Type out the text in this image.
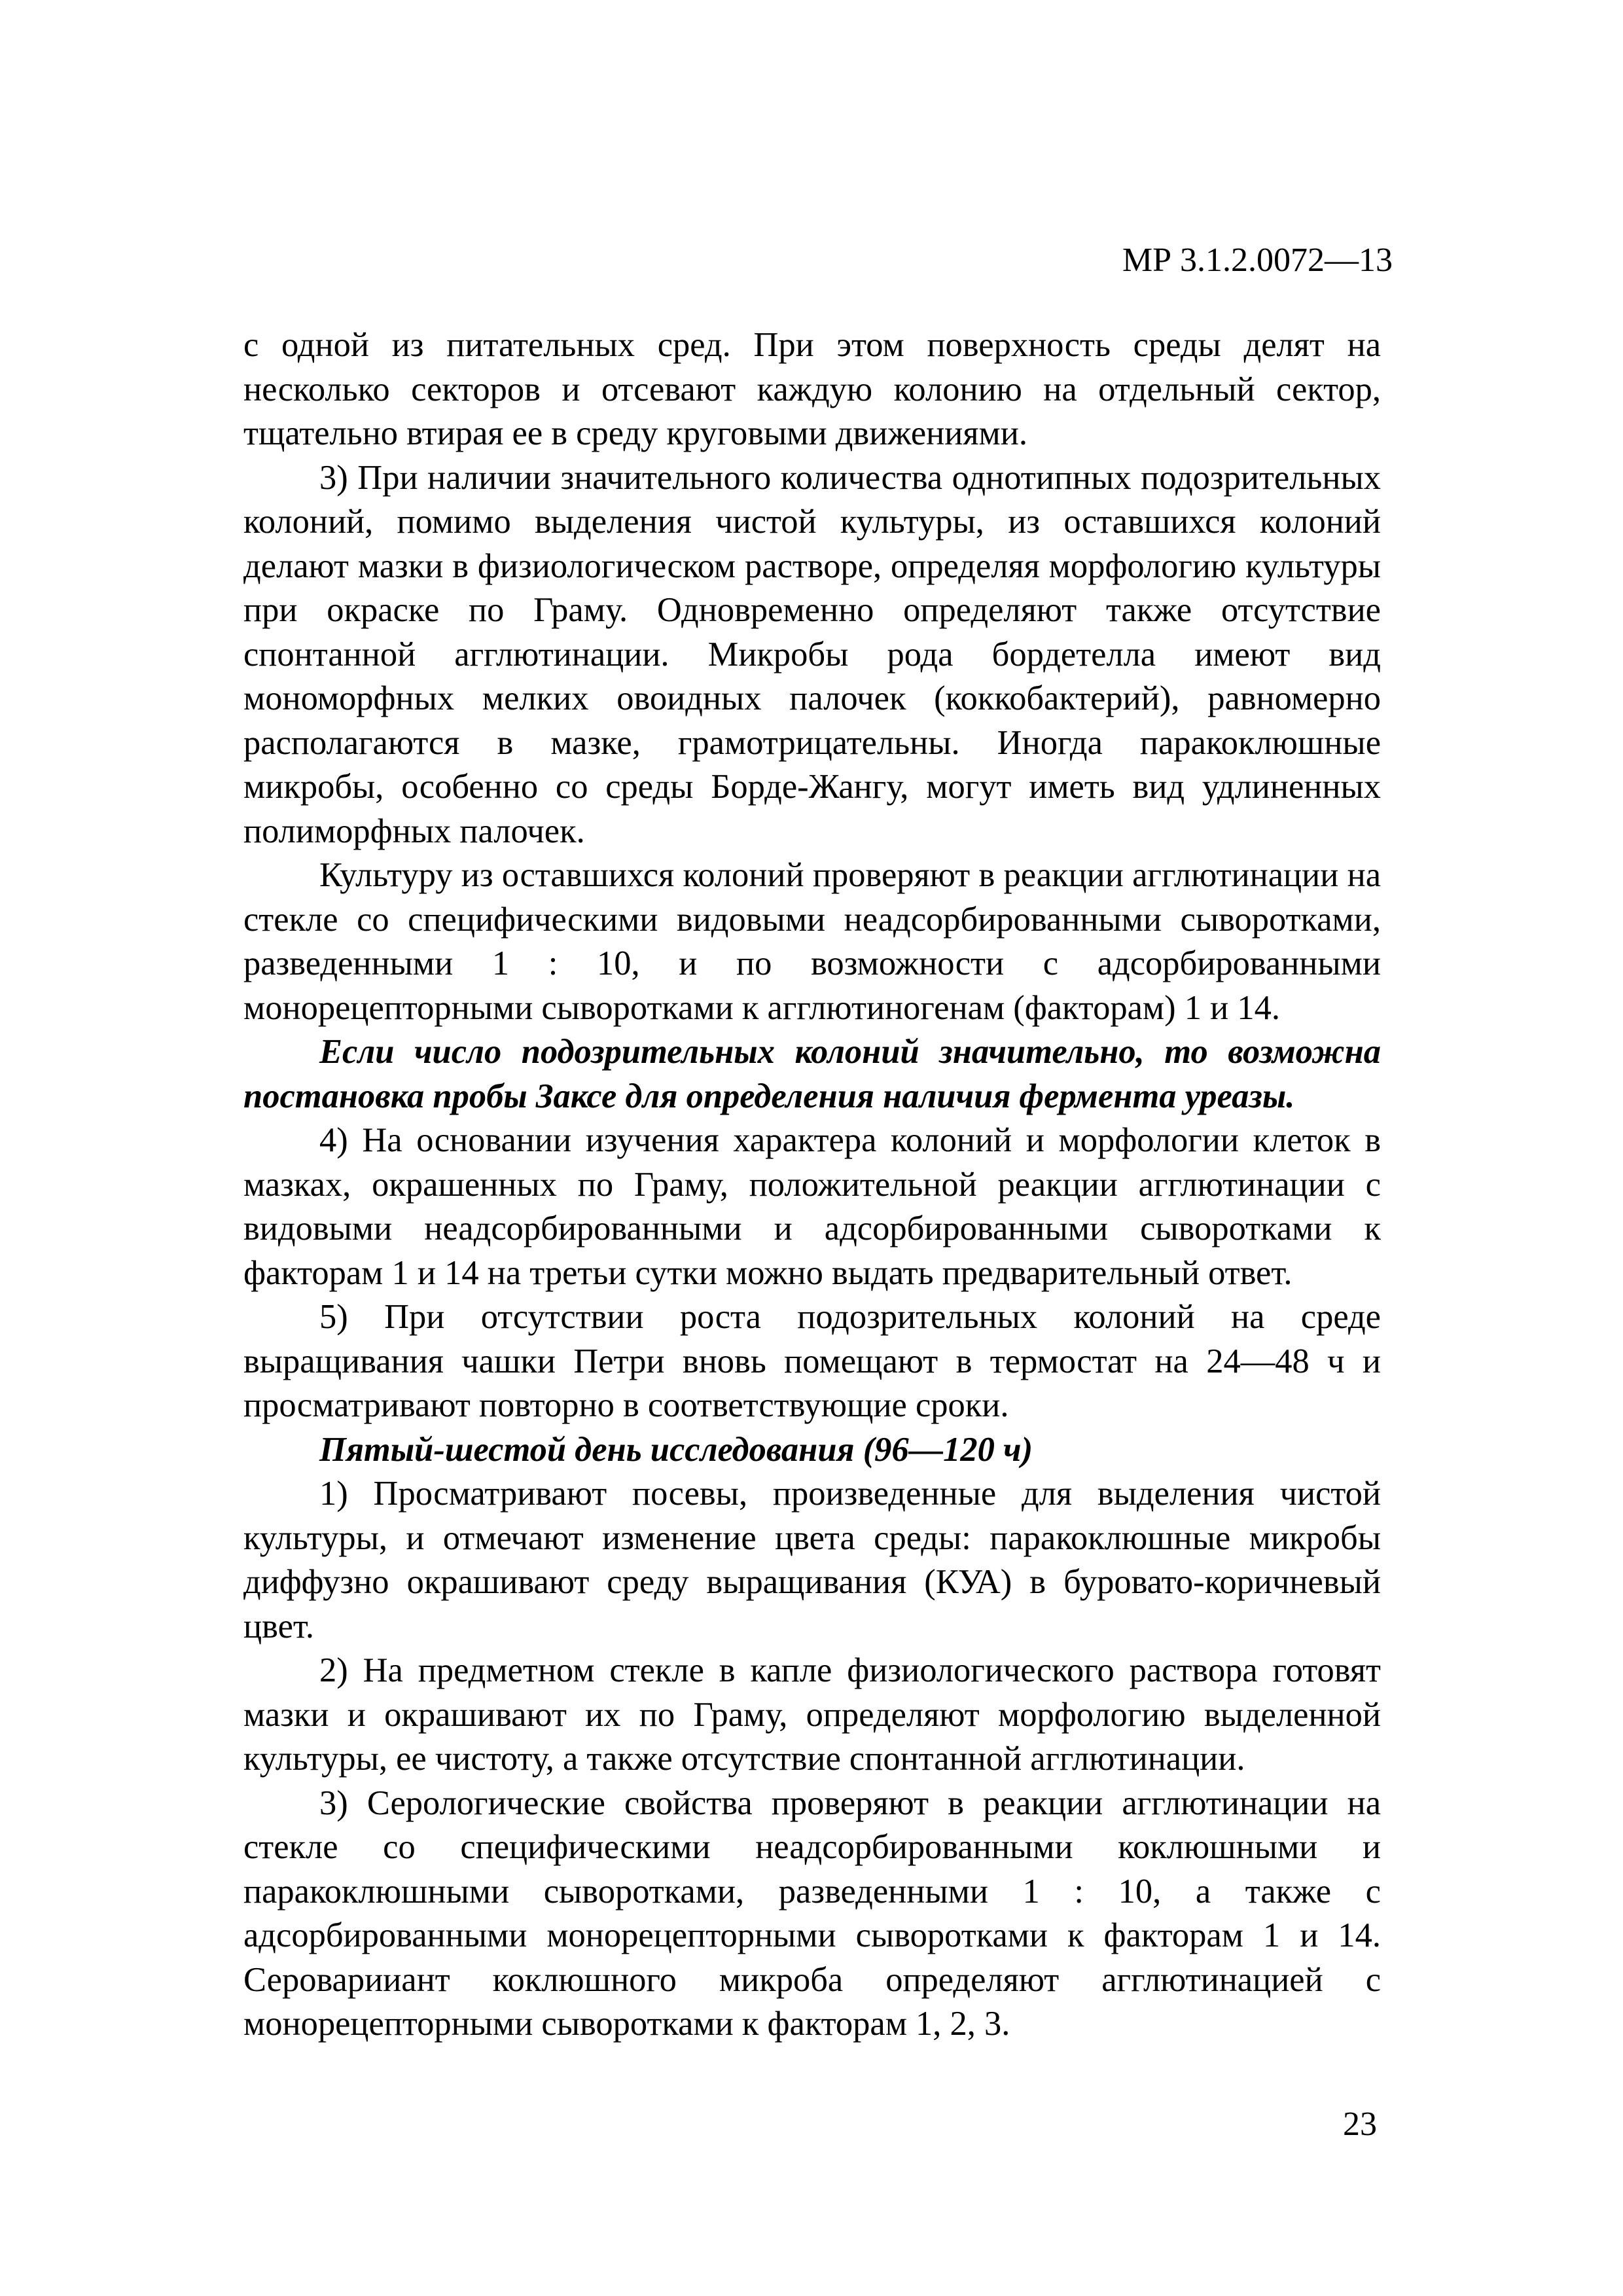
МР 3.1.2.0072—13

с одной из питательных сред. При этом поверхность среды делят на несколько секторов и отсевают каждую колонию на отдельный сектор, тщательно втирая ее в среду круговыми движениями.

3) При наличии значительного количества однотипных подозрительных колоний, помимо выделения чистой культуры, из оставшихся колоний делают мазки в физиологическом растворе, определяя морфологию культуры при окраске по Граму. Одновременно определяют также отсутствие спонтанной агглютинации. Микробы рода бордетелла имеют вид мономорфных мелких овоидных палочек (коккобактерий), равномерно располагаются в мазке, грамотрицательны. Иногда паракоклюшные микробы, особенно со среды Борде-Жангу, могут иметь вид удлиненных полиморфных палочек.

Культуру из оставшихся колоний проверяют в реакции агглютинации на стекле со специфическими видовыми неадсорбированными сыворотками, разведенными 1 : 10, и по возможности с адсорбированными монорецепторными сыворотками к агглютиногенам (факторам) 1 и 14.

Если число подозрительных колоний значительно, то возможна постановка пробы Заксе для определения наличия фермента уреазы.

4) На основании изучения характера колоний и морфологии клеток в мазках, окрашенных по Граму, положительной реакции агглютинации с видовыми неадсорбированными и адсорбированными сыворотками к факторам 1 и 14 на третьи сутки можно выдать предварительный ответ.

5) При отсутствии роста подозрительных колоний на среде выращивания чашки Петри вновь помещают в термостат на 24—48 ч и просматривают повторно в соответствующие сроки.

Пятый-шестой день исследования (96—120 ч)

1) Просматривают посевы, произведенные для выделения чистой культуры, и отмечают изменение цвета среды: паракоклюшные микробы диффузно окрашивают среду выращивания (КУА) в буровато-коричневый цвет.

2) На предметном стекле в капле физиологического раствора готовят мазки и окрашивают их по Граму, определяют морфологию выделенной культуры, ее чистоту, а также отсутствие спонтанной агглютинации.

3) Серологические свойства проверяют в реакции агглютинации на стекле со специфическими неадсорбированными коклюшными и паракоклюшными сыворотками, разведенными 1 : 10, а также с адсорбированными монорецепторными сыворотками к факторам 1 и 14. Сероварииант коклюшного микроба определяют агглютинацией с монорецепторными сыворотками к факторам 1, 2, 3.

23
